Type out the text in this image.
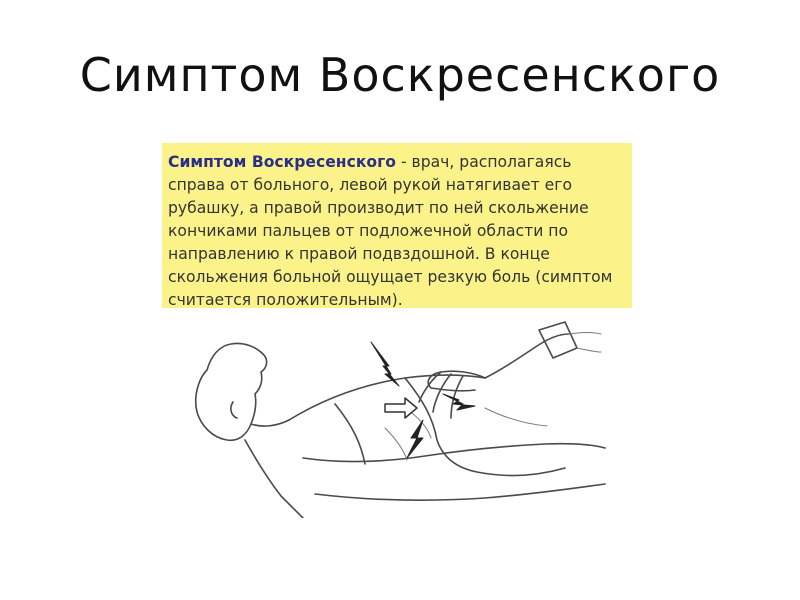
Симптом Воскресенского

Симптом Воскресенского - врач, располагаясь справа от больного, левой рукой натягивает его рубашку, а правой производит по ней скольжение кончиками пальцев от подложечной области по направлению к правой подвздошной. В конце скольжения больной ощущает резкую боль (симптом считается положительным).
